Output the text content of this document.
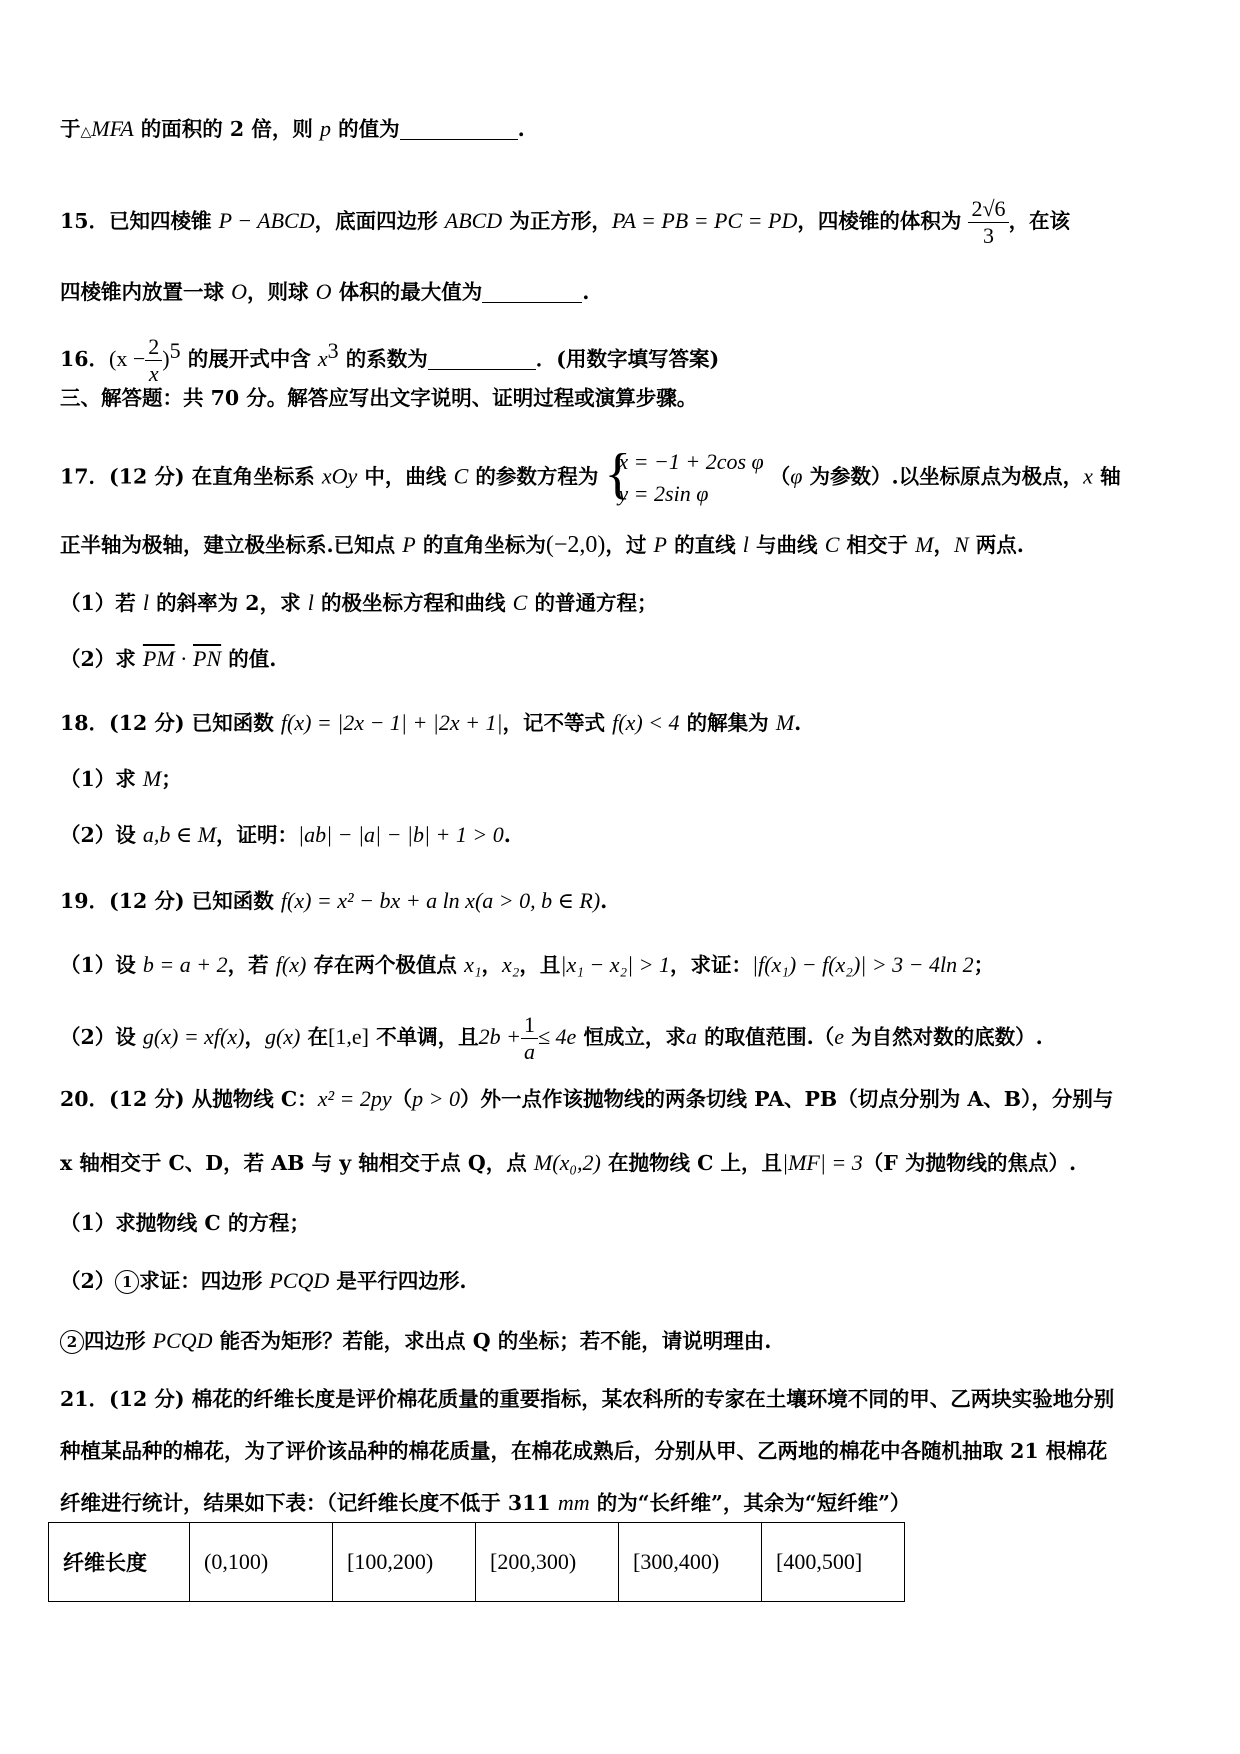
于△MFA 的面积的 2 倍，则 p 的值为	.
15．已知四棱锥 P − ABCD，底面四边形 ABCD 为正方形，PA = PB = PC = PD，四棱锥的体积为 $\frac{2√6}{3}$ ，在该
四棱锥内放置一球 O，则球 O 体积的最大值为	.
16．$(x - \frac{2}{x} )^5$ 的展开式中含 $x^3$ 的系数为	．(用数字填写答案)
三、解答题：共 70 分。解答应写出文字说明、证明过程或演算步骤。
17．(12 分) 在直角坐标系 xOy 中，曲线 C 的参数方程为 {
x = −1 + 2cos φ
y = 2sin φ
（φ 为参数）.以坐标原点为极点，x 轴
正半轴为极轴，建立极坐标系.已知点 P 的直角坐标为(−2,0)，过 P 的直线 l 与曲线 C 相交于 M，N 两点.
（1）若 l 的斜率为 2，求 l 的极坐标方程和曲线 C 的普通方程；
（2）求 $\overline{PM} \cdot \overline{PN}$ 的值.
18．(12 分) 已知函数 f(x) = |2x − 1| + |2x + 1|，记不等式 f(x) < 4 的解集为 M.
（1）求 M；
（2）设 a,b ∈ M，证明：|ab| − |a| − |b| + 1 > 0.
19．(12 分) 已知函数 f(x) = x² − bx + a ln x(a > 0, b ∈ R).
（1）设 b = a + 2，若 f(x) 存在两个极值点 x₁，x₂，且|x₁ − x₂| > 1，求证：|f(x₁) − f(x₂)| > 3 − 4ln 2；
（2）设 g(x) = xf(x)，g(x) 在[1,e] 不单调，且$2b + \frac{1}{a} \le 4e$ 恒成立，求a 的取值范围.（e 为自然对数的底数）.
20．(12 分) 从抛物线 C：x² = 2py（p > 0）外一点作该抛物线的两条切线 PA、PB（切点分别为 A、B），分别与
x 轴相交于 C、D，若 AB 与 y 轴相交于点 Q，点 M(x₀,2) 在抛物线 C 上，且|MF| = 3（F 为抛物线的焦点）.
（1）求抛物线 C 的方程；
（2） 1 求证：四边形 PCQD 是平行四边形.
2 四边形 PCQD 能否为矩形？若能，求出点 Q 的坐标；若不能，请说明理由.
21．(12 分) 棉花的纤维长度是评价棉花质量的重要指标，某农科所的专家在土壤环境不同的甲、乙两块实验地分别
种植某品种的棉花，为了评价该品种的棉花质量，在棉花成熟后，分别从甲、乙两地的棉花中各随机抽取 21 根棉花
纤维进行统计，结果如下表：（记纤维长度不低于 311 mm 的为“长纤维”，其余为“短纤维”）
纤维长度	(0,100)	[100,200)	[200,300)	[300,400)	[400,500]
